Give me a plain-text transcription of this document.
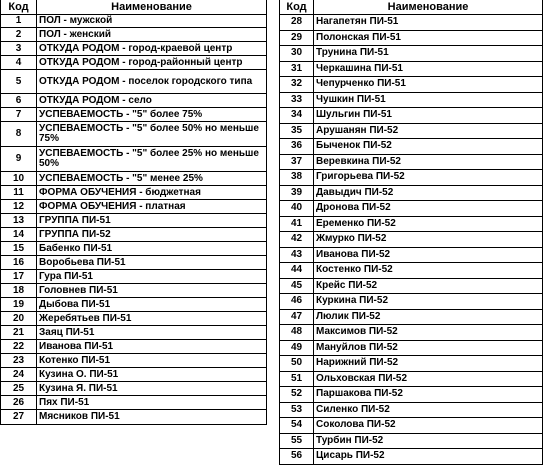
Код	Наименование
1	ПОЛ - мужской
2	ПОЛ - женский
3	ОТКУДА РОДОМ - город-краевой центр
4	ОТКУДА РОДОМ - город-районный центр
5	ОТКУДА РОДОМ - поселок городского типа
6	ОТКУДА РОДОМ - село
7	УСПЕВАЕМОСТЬ - "5" более 75%
8	УСПЕВАЕМОСТЬ - "5" более 50% но меньше 75%
9	УСПЕВАЕМОСТЬ - "5" более 25% но меньше 50%
10	УСПЕВАЕМОСТЬ - "5" менее 25%
11	ФОРМА ОБУЧЕНИЯ - бюджетная
12	ФОРМА ОБУЧЕНИЯ - платная
13	ГРУППА ПИ-51
14	ГРУППА ПИ-52
15	Бабенко ПИ-51
16	Воробьева ПИ-51
17	Гура ПИ-51
18	Головнев ПИ-51
19	Дыбова ПИ-51
20	Жеребятьев ПИ-51
21	Заяц ПИ-51
22	Иванова ПИ-51
23	Котенко ПИ-51
24	Кузина О. ПИ-51
25	Кузина Я. ПИ-51
26	Пях ПИ-51
27	Мясников ПИ-51
Код	Наименование
28	Нагапетян ПИ-51
29	Полонская ПИ-51
30	Трунина ПИ-51
31	Черкашина ПИ-51
32	Чепурченко ПИ-51
33	Чушкин ПИ-51
34	Шульгин ПИ-51
35	Арушанян ПИ-52
36	Быченок ПИ-52
37	Веревкина ПИ-52
38	Григорьева ПИ-52
39	Давыдич ПИ-52
40	Дронова ПИ-52
41	Еременко ПИ-52
42	Жмурко ПИ-52
43	Иванова ПИ-52
44	Костенко ПИ-52
45	Крейс ПИ-52
46	Куркина ПИ-52
47	Люлик ПИ-52
48	Максимов ПИ-52
49	Мануйлов ПИ-52
50	Нарижний ПИ-52
51	Ольховская ПИ-52
52	Паршакова ПИ-52
53	Силенко ПИ-52
54	Соколова ПИ-52
55	Турбин ПИ-52
56	Цисарь ПИ-52
